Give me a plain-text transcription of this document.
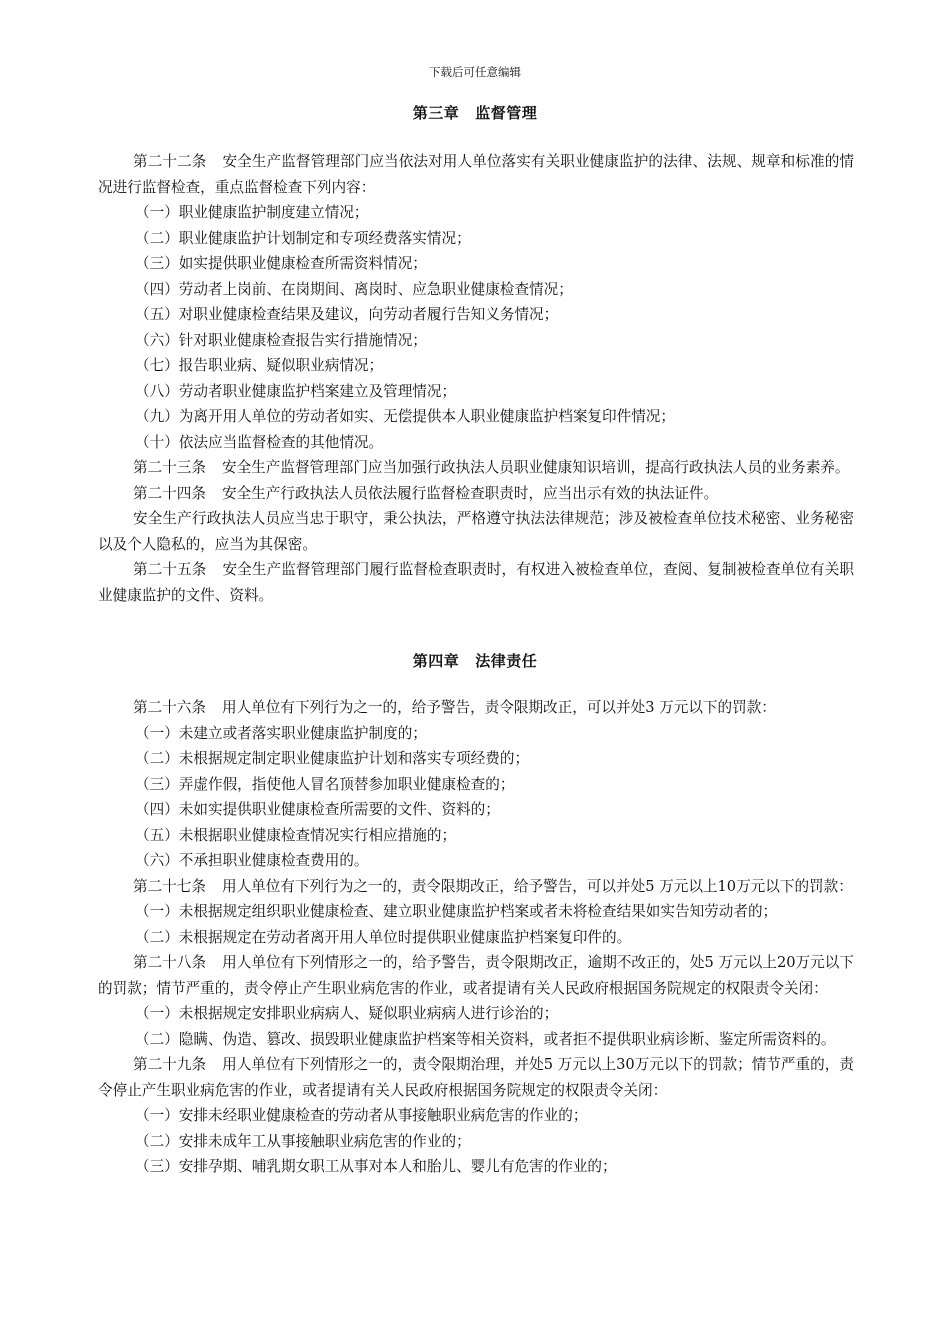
下载后可任意编辑
第三章 监督管理
第二十二条 安全生产监督管理部门应当依法对用人单位落实有关职业健康监护的法律、法规、规章和标准的情况进行监督检查，重点监督检查下列内容：
（一）职业健康监护制度建立情况；
（二）职业健康监护计划制定和专项经费落实情况；
（三）如实提供职业健康检查所需资料情况；
（四）劳动者上岗前、在岗期间、离岗时、应急职业健康检查情况；
（五）对职业健康检查结果及建议，向劳动者履行告知义务情况；
（六）针对职业健康检查报告实行措施情况；
（七）报告职业病、疑似职业病情况；
（八）劳动者职业健康监护档案建立及管理情况；
（九）为离开用人单位的劳动者如实、无偿提供本人职业健康监护档案复印件情况；
（十）依法应当监督检查的其他情况。
第二十三条 安全生产监督管理部门应当加强行政执法人员职业健康知识培训，提高行政执法人员的业务素养。
第二十四条 安全生产行政执法人员依法履行监督检查职责时，应当出示有效的执法证件。
安全生产行政执法人员应当忠于职守，秉公执法，严格遵守执法法律规范；涉及被检查单位技术秘密、业务秘密以及个人隐私的，应当为其保密。
第二十五条 安全生产监督管理部门履行监督检查职责时，有权进入被检查单位，查阅、复制被检查单位有关职业健康监护的文件、资料。
第四章 法律责任
第二十六条 用人单位有下列行为之一的，给予警告，责令限期改正，可以并处3 万元以下的罚款：
（一）未建立或者落实职业健康监护制度的；
（二）未根据规定制定职业健康监护计划和落实专项经费的；
（三）弄虚作假，指使他人冒名顶替参加职业健康检查的；
（四）未如实提供职业健康检查所需要的文件、资料的；
（五）未根据职业健康检查情况实行相应措施的；
（六）不承担职业健康检查费用的。
第二十七条 用人单位有下列行为之一的，责令限期改正，给予警告，可以并处5 万元以上10万元以下的罚款：
（一）未根据规定组织职业健康检查、建立职业健康监护档案或者未将检查结果如实告知劳动者的；
（二）未根据规定在劳动者离开用人单位时提供职业健康监护档案复印件的。
第二十八条 用人单位有下列情形之一的，给予警告，责令限期改正，逾期不改正的，处5 万元以上20万元以下的罚款；情节严重的，责令停止产生职业病危害的作业，或者提请有关人民政府根据国务院规定的权限责令关闭：
（一）未根据规定安排职业病病人、疑似职业病病人进行诊治的；
（二）隐瞒、伪造、篡改、损毁职业健康监护档案等相关资料，或者拒不提供职业病诊断、鉴定所需资料的。
第二十九条 用人单位有下列情形之一的，责令限期治理，并处5 万元以上30万元以下的罚款；情节严重的，责令停止产生职业病危害的作业，或者提请有关人民政府根据国务院规定的权限责令关闭：
（一）安排未经职业健康检查的劳动者从事接触职业病危害的作业的；
（二）安排未成年工从事接触职业病危害的作业的；
（三）安排孕期、哺乳期女职工从事对本人和胎儿、婴儿有危害的作业的；
